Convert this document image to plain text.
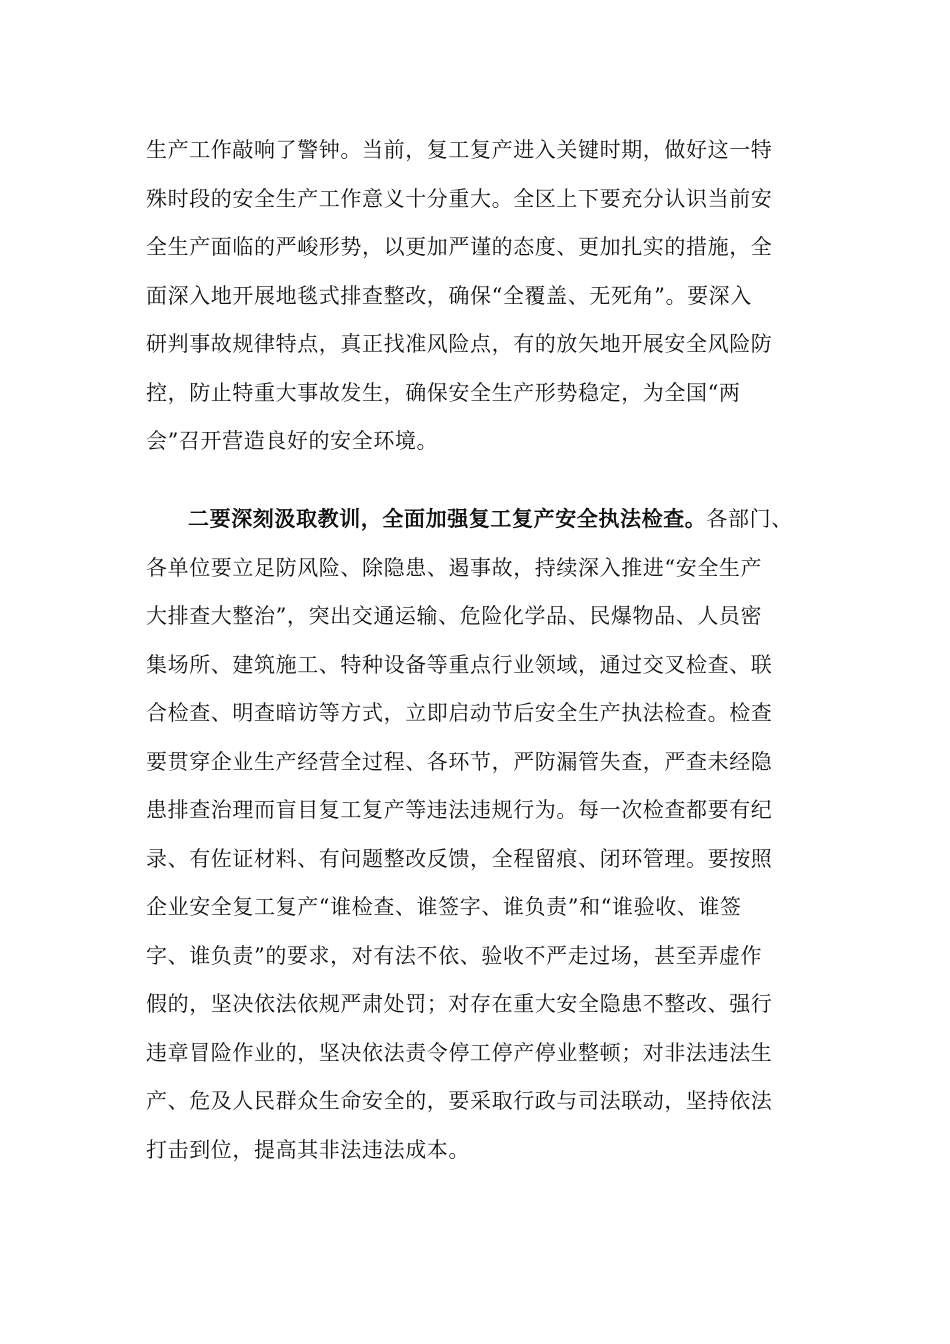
生产工作敲响了警钟。当前，复工复产进入关键时期，做好这一特
殊时段的安全生产工作意义十分重大。全区上下要充分认识当前安
全生产面临的严峻形势，以更加严谨的态度、更加扎实的措施，全
面深入地开展地毯式排查整改，确保“全覆盖、无死角”。要深入
研判事故规律特点，真正找准风险点，有的放矢地开展安全风险防
控，防止特重大事故发生，确保安全生产形势稳定，为全国“两
会”召开营造良好的安全环境。
二要深刻汲取教训，全面加强复工复产安全执法检查。各部门、
各单位要立足防风险、除隐患、遏事故，持续深入推进“安全生产
大排查大整治”，突出交通运输、危险化学品、民爆物品、人员密
集场所、建筑施工、特种设备等重点行业领域，通过交叉检查、联
合检查、明查暗访等方式，立即启动节后安全生产执法检查。检查
要贯穿企业生产经营全过程、各环节，严防漏管失查，严查未经隐
患排查治理而盲目复工复产等违法违规行为。每一次检查都要有纪
录、有佐证材料、有问题整改反馈，全程留痕、闭环管理。要按照
企业安全复工复产“谁检查、谁签字、谁负责”和“谁验收、谁签
字、谁负责”的要求，对有法不依、验收不严走过场，甚至弄虚作
假的，坚决依法依规严肃处罚；对存在重大安全隐患不整改、强行
违章冒险作业的，坚决依法责令停工停产停业整顿；对非法违法生
产、危及人民群众生命安全的，要采取行政与司法联动，坚持依法
打击到位，提高其非法违法成本。
